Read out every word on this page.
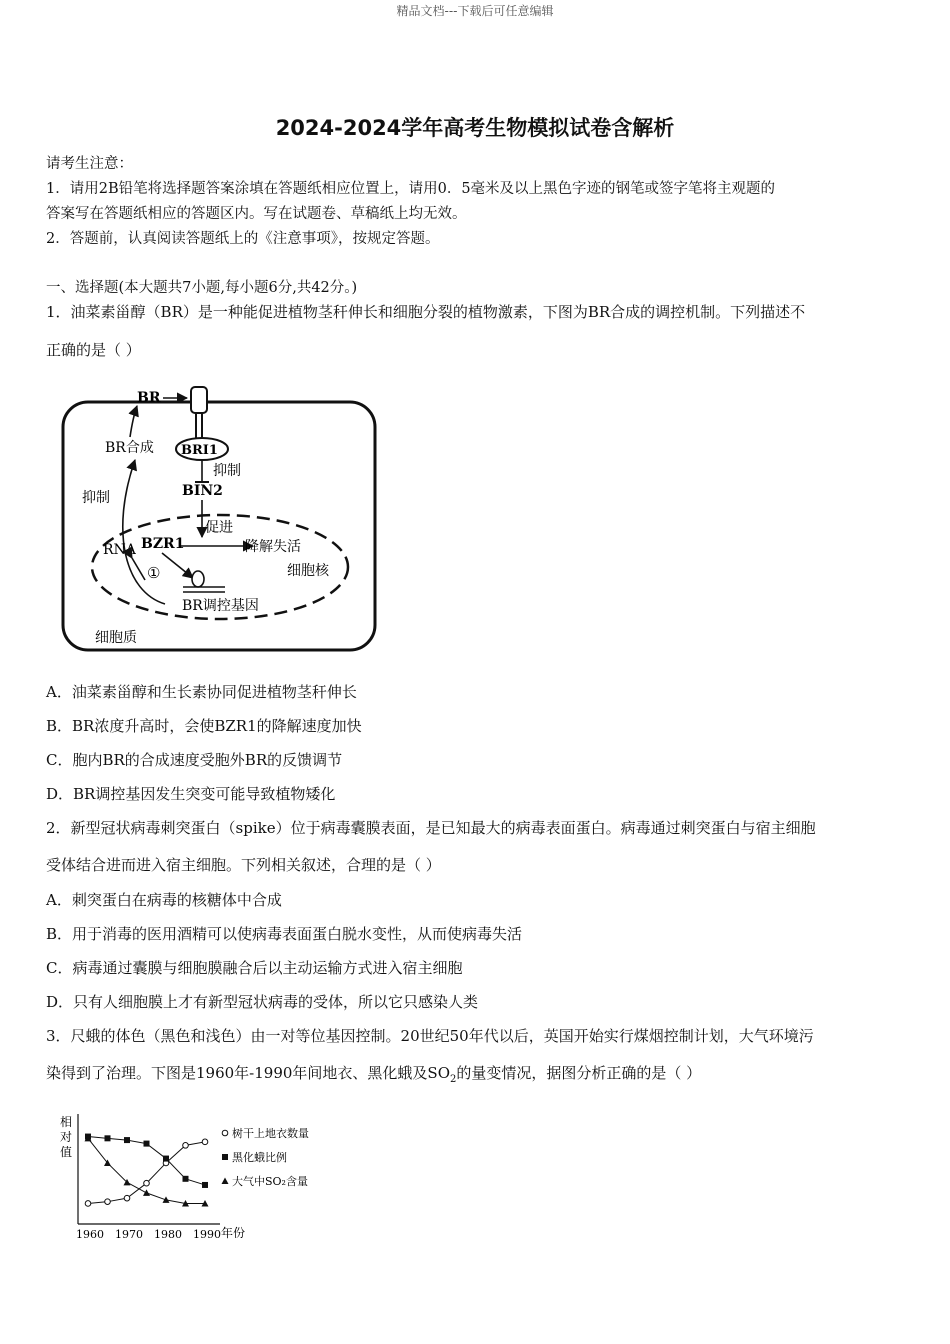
精品文档---下载后可任意编辑
2024-2024学年高考生物模拟试卷含解析
请考生注意：
1．请用2B铅笔将选择题答案涂填在答题纸相应位置上，请用0．5毫米及以上黑色字迹的钢笔或签字笔将主观题的
答案写在答题纸相应的答题区内。写在试题卷、草稿纸上均无效。
2．答题前，认真阅读答题纸上的《注意事项》，按规定答题。
一、选择题(本大题共7小题,每小题6分,共42分。)
1．油菜素甾醇（BR）是一种能促进植物茎秆伸长和细胞分裂的植物激素，下图为BR合成的调控机制。下列描述不
正确的是（ ）
BR
BR合成 BRI1
抑制
BIN2
促进
抑制
RNA
①
BZR1	降解失活
细胞核
BR调控基因
细胞质
A．油菜素甾醇和生长素协同促进植物茎秆伸长
B．BR浓度升高时，会使BZR1的降解速度加快
C．胞内BR的合成速度受胞外BR的反馈调节
D．BR调控基因发生突变可能导致植物矮化
2．新型冠状病毒刺突蛋白（spike）位于病毒囊膜表面，是已知最大的病毒表面蛋白。病毒通过刺突蛋白与宿主细胞
受体结合进而进入宿主细胞。下列相关叙述，合理的是（ ）
A．刺突蛋白在病毒的核糖体中合成
B．用于消毒的医用酒精可以使病毒表面蛋白脱水变性，从而使病毒失活
C．病毒通过囊膜与细胞膜融合后以主动运输方式进入宿主细胞
D．只有人细胞膜上才有新型冠状病毒的受体，所以它只感染人类
3．尺蛾的体色（黑色和浅色）由一对等位基因控制。20世纪50年代以后，英国开始实行煤烟控制计划，大气环境污
染得到了治理。下图是1960年-1990年间地衣、黑化蛾及$SO_2$的量变情况，据图分析正确的是（ ）
相
对
值
年份
1960 1970 1980 1990
树干上地衣数量
黑化蛾比例
大气中SO₂含量
